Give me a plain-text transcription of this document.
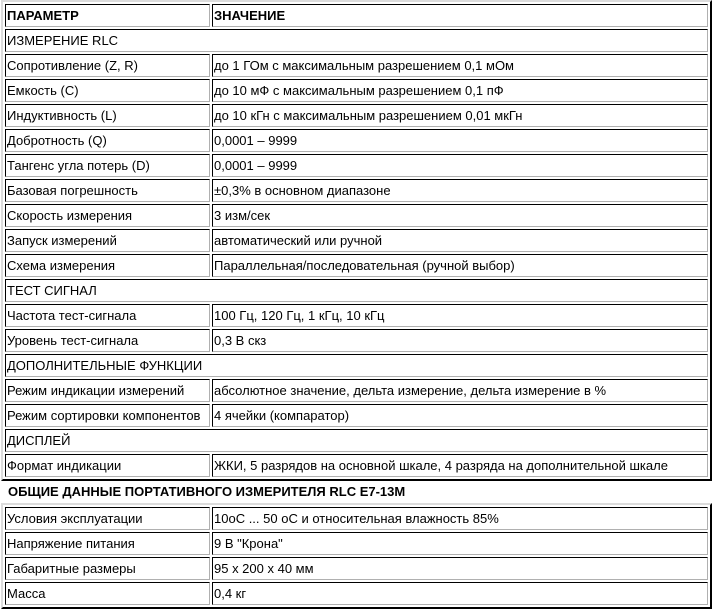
ПАРАМЕТР	ЗНАЧЕНИЕ
ИЗМЕРЕНИЕ RLC	
Сопротивление (Z, R)	до 1 ГОм с максимальным разрешением 0,1 мОм
Емкость (С)	до 10 мФ с максимальным разрешением 0,1 пФ
Индуктивность (L)	до 10 кГн с максимальным разрешением 0,01 мкГн
Добротность (Q)	0,0001 – 9999
Тангенс угла потерь (D)	0,0001 – 9999
Базовая погрешность	±0,3% в основном диапазоне
Скорость измерения	3 изм/сек
Запуск измерений	автоматический или ручной
Схема измерения	Параллельная/последовательная (ручной выбор)
ТЕСТ СИГНАЛ	
Частота тест-сигнала	100 Гц, 120 Гц, 1 кГц, 10 кГц
Уровень тест-сигнала	0,3 В скз
ДОПОЛНИТЕЛЬНЫЕ ФУНКЦИИ	
Режим индикации измерений	абсолютное значение, дельта измерение, дельта измерение в %
Режим сортировки компонентов	4 ячейки (компаратор)
ДИСПЛЕЙ	
Формат индикации	ЖКИ, 5 разрядов на основной шкале, 4 разряда на дополнительной шкале
ОБЩИЕ ДАННЫЕ ПОРТАТИВНОГО ИЗМЕРИТЕЛЯ RLC E7-13M
Условия эксплуатации	10оС ... 50 оС и относительная влажность 85%
Напряжение питания	9 В "Крона"
Габаритные размеры	95 х 200 х 40 мм
Масса	0,4 кг
